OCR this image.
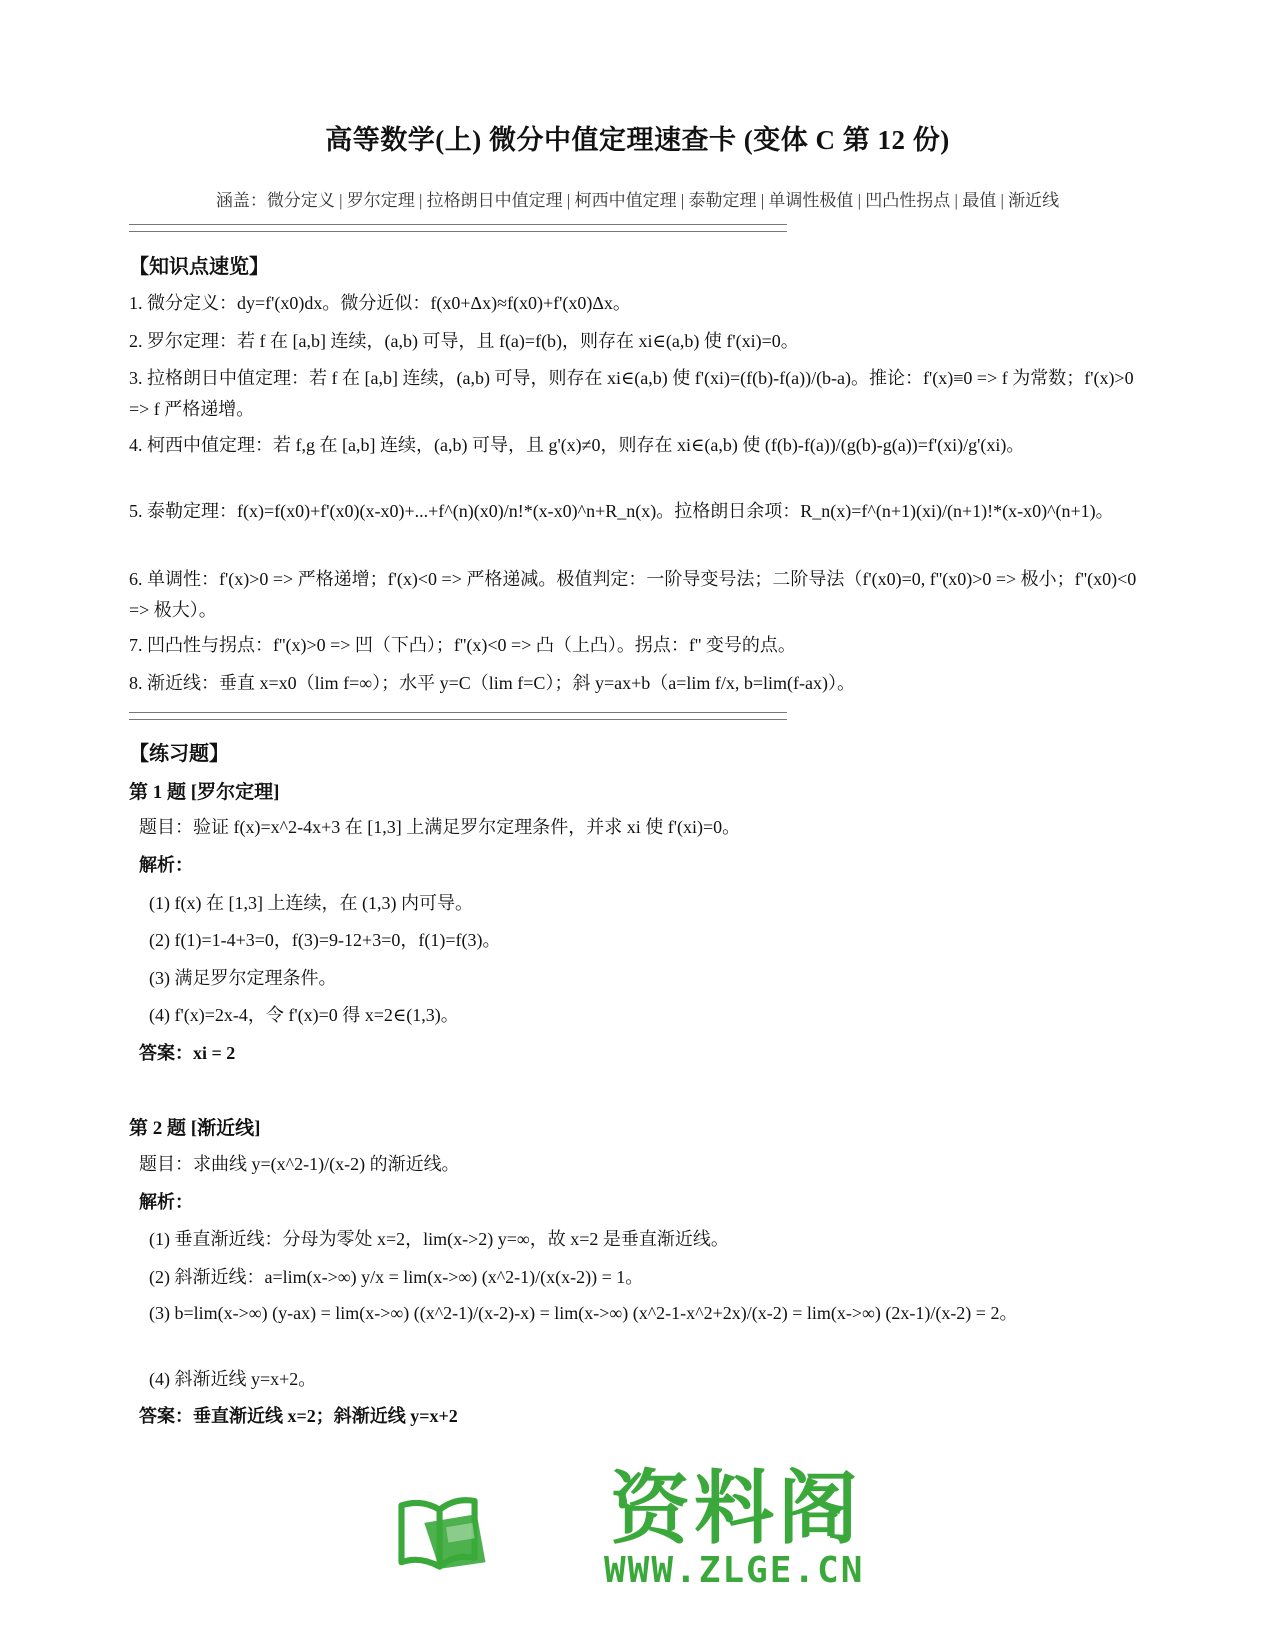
高等数学(上) 微分中值定理速查卡 (变体 C 第 12 份)
涵盖：微分定义 | 罗尔定理 | 拉格朗日中值定理 | 柯西中值定理 | 泰勒定理 | 单调性极值 | 凹凸性拐点 | 最值 | 渐近线
【知识点速览】
1. 微分定义：dy=f'(x0)dx。微分近似：f(x0+Δx)≈f(x0)+f'(x0)Δx。
2. 罗尔定理：若 f 在 [a,b] 连续，(a,b) 可导，且 f(a)=f(b)，则存在 xi∈(a,b) 使 f'(xi)=0。
3. 拉格朗日中值定理：若 f 在 [a,b] 连续，(a,b) 可导，则存在 xi∈(a,b) 使 f'(xi)=(f(b)-f(a))/(b-a)。推论：f'(x)≡0 => f 为常数；f'(x)>0 => f 严格递增。
4. 柯西中值定理：若 f,g 在 [a,b] 连续，(a,b) 可导，且 g'(x)≠0，则存在 xi∈(a,b) 使 (f(b)-f(a))/(g(b)-g(a))=f'(xi)/g'(xi)。
5. 泰勒定理：f(x)=f(x0)+f'(x0)(x-x0)+...+f^(n)(x0)/n!*(x-x0)^n+R_n(x)。拉格朗日余项：R_n(x)=f^(n+1)(xi)/(n+1)!*(x-x0)^(n+1)。
6. 单调性：f'(x)>0 => 严格递增；f'(x)<0 => 严格递减。极值判定：一阶导变号法；二阶导法（f'(x0)=0, f''(x0)>0 => 极小；f''(x0)<0 => 极大）。
7. 凹凸性与拐点：f''(x)>0 => 凹（下凸）；f''(x)<0 => 凸（上凸）。拐点：f'' 变号的点。
8. 渐近线：垂直 x=x0（lim f=∞）；水平 y=C（lim f=C）；斜 y=ax+b（a=lim f/x, b=lim(f-ax)）。
【练习题】
第 1 题 [罗尔定理]
题目：验证 f(x)=x^2-4x+3 在 [1,3] 上满足罗尔定理条件，并求 xi 使 f'(xi)=0。
解析：
(1) f(x) 在 [1,3] 上连续，在 (1,3) 内可导。
(2) f(1)=1-4+3=0，f(3)=9-12+3=0，f(1)=f(3)。
(3) 满足罗尔定理条件。
(4) f'(x)=2x-4，令 f'(x)=0 得 x=2∈(1,3)。
答案：xi = 2
第 2 题 [渐近线]
题目：求曲线 y=(x^2-1)/(x-2) 的渐近线。
解析：
(1) 垂直渐近线：分母为零处 x=2，lim(x->2) y=∞，故 x=2 是垂直渐近线。
(2) 斜渐近线：a=lim(x->∞) y/x = lim(x->∞) (x^2-1)/(x(x-2)) = 1。
(3) b=lim(x->∞) (y-ax) = lim(x->∞) ((x^2-1)/(x-2)-x) = lim(x->∞) (x^2-1-x^2+2x)/(x-2) = lim(x->∞) (2x-1)/(x-2) = 2。
(4) 斜渐近线 y=x+2。
答案：垂直渐近线 x=2；斜渐近线 y=x+2
资料阁
WWW.ZLGE.CN
